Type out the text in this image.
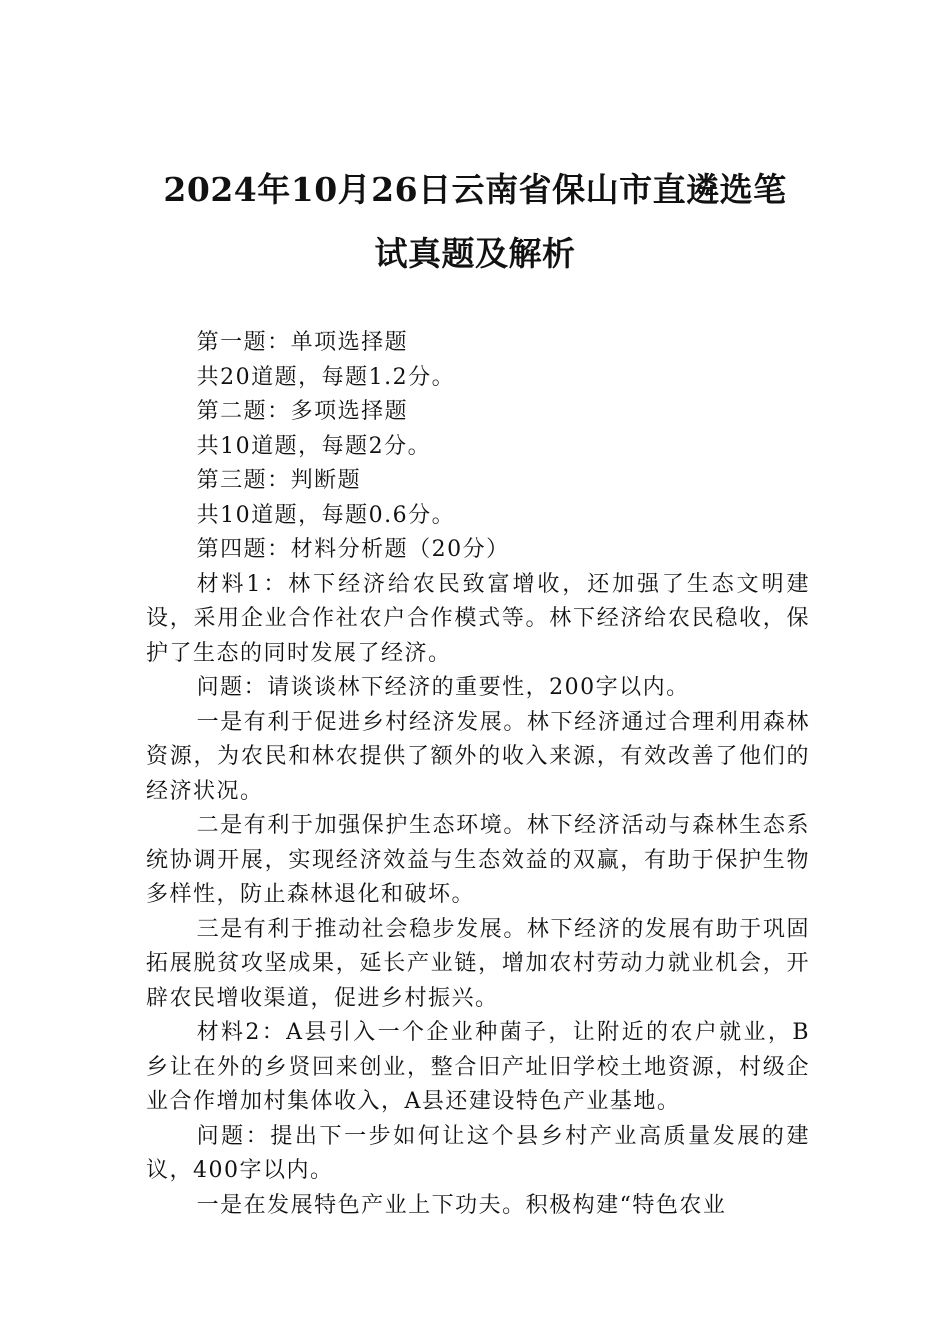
2024年10月26日云南省保山市直遴选笔
试真题及解析

第一题：单项选择题

共20道题，每题1.2分。

第二题：多项选择题

共10道题，每题2分。

第三题：判断题

共10道题，每题0.6分。

第四题：材料分析题（20分）

材料1：林下经济给农民致富增收，还加强了生态文明建设，采用企业合作社农户合作模式等。林下经济给农民稳收，保护了生态的同时发展了经济。

问题：请谈谈林下经济的重要性，200字以内。

一是有利于促进乡村经济发展。林下经济通过合理利用森林资源，为农民和林农提供了额外的收入来源，有效改善了他们的经济状况。

二是有利于加强保护生态环境。林下经济活动与森林生态系统协调开展，实现经济效益与生态效益的双赢，有助于保护生物多样性，防止森林退化和破坏。

三是有利于推动社会稳步发展。林下经济的发展有助于巩固拓展脱贫攻坚成果，延长产业链，增加农村劳动力就业机会，开辟农民增收渠道，促进乡村振兴。

材料2：A县引入一个企业种菌子，让附近的农户就业，B乡让在外的乡贤回来创业，整合旧产址旧学校土地资源，村级企业合作增加村集体收入，A县还建设特色产业基地。

问题：提出下一步如何让这个县乡村产业高质量发展的建议，400字以内。

一是在发展特色产业上下功夫。积极构建“特色农业
